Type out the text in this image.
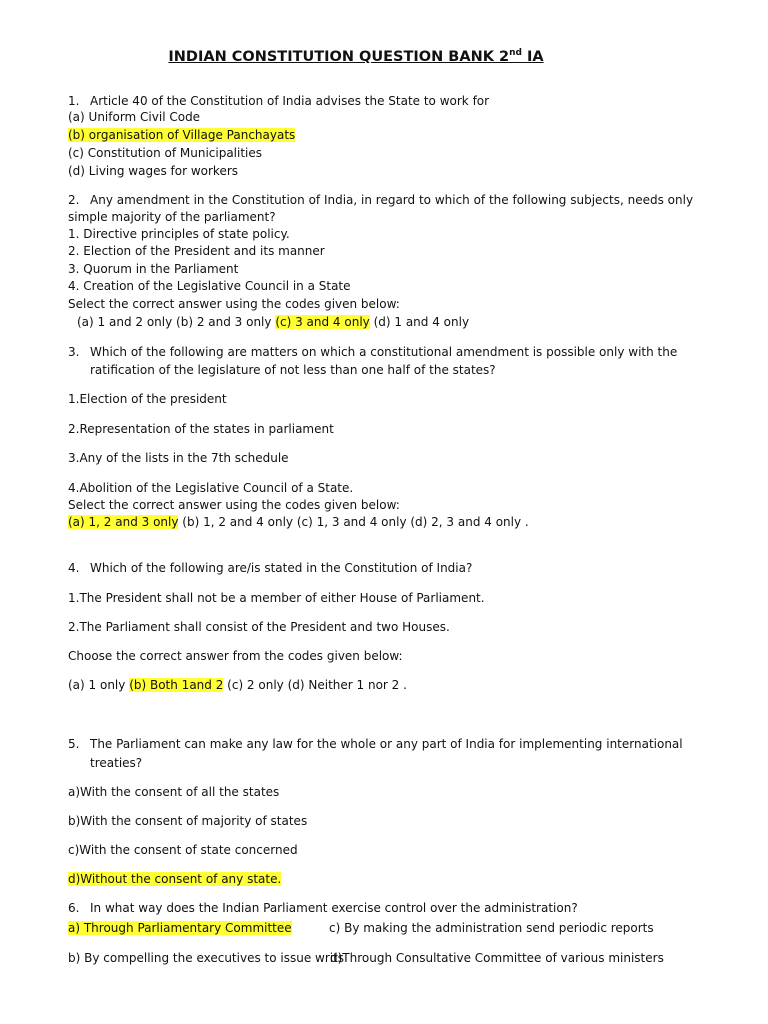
INDIAN CONSTITUTION QUESTION BANK 2nd IA
1. Article 40 of the Constitution of India advises the State to work for
(a) Uniform Civil Code
(b) organisation of Village Panchayats
(c) Constitution of Municipalities
(d) Living wages for workers
2. Any amendment in the Constitution of India, in regard to which of the following subjects, needs only
simple majority of the parliament?
1. Directive principles of state policy.
2. Election of the President and its manner
3. Quorum in the Parliament
4. Creation of the Legislative Council in a State
Select the correct answer using the codes given below:
(a) 1 and 2 only (b) 2 and 3 only (c) 3 and 4 only (d) 1 and 4 only
3. Which of the following are matters on which a constitutional amendment is possible only with the
ratification of the legislature of not less than one half of the states?
1.Election of the president
2.Representation of the states in parliament
3.Any of the lists in the 7th schedule
4.Abolition of the Legislative Council of a State.
Select the correct answer using the codes given below:
(a) 1, 2 and 3 only (b) 1, 2 and 4 only (c) 1, 3 and 4 only (d) 2, 3 and 4 only .
4. Which of the following are/is stated in the Constitution of India?
1.The President shall not be a member of either House of Parliament.
2.The Parliament shall consist of the President and two Houses.
Choose the correct answer from the codes given below:
(a) 1 only (b) Both 1and 2 (c) 2 only (d) Neither 1 nor 2 .
5. The Parliament can make any law for the whole or any part of India for implementing international
treaties?
a)With the consent of all the states
b)With the consent of majority of states
c)With the consent of state concerned
d)Without the consent of any state.
6. In what way does the Indian Parliament exercise control over the administration?
a) Through Parliamentary Committee	c) By making the administration send periodic reports
b) By compelling the executives to issue writs
d)Through Consultative Committee of various ministers
